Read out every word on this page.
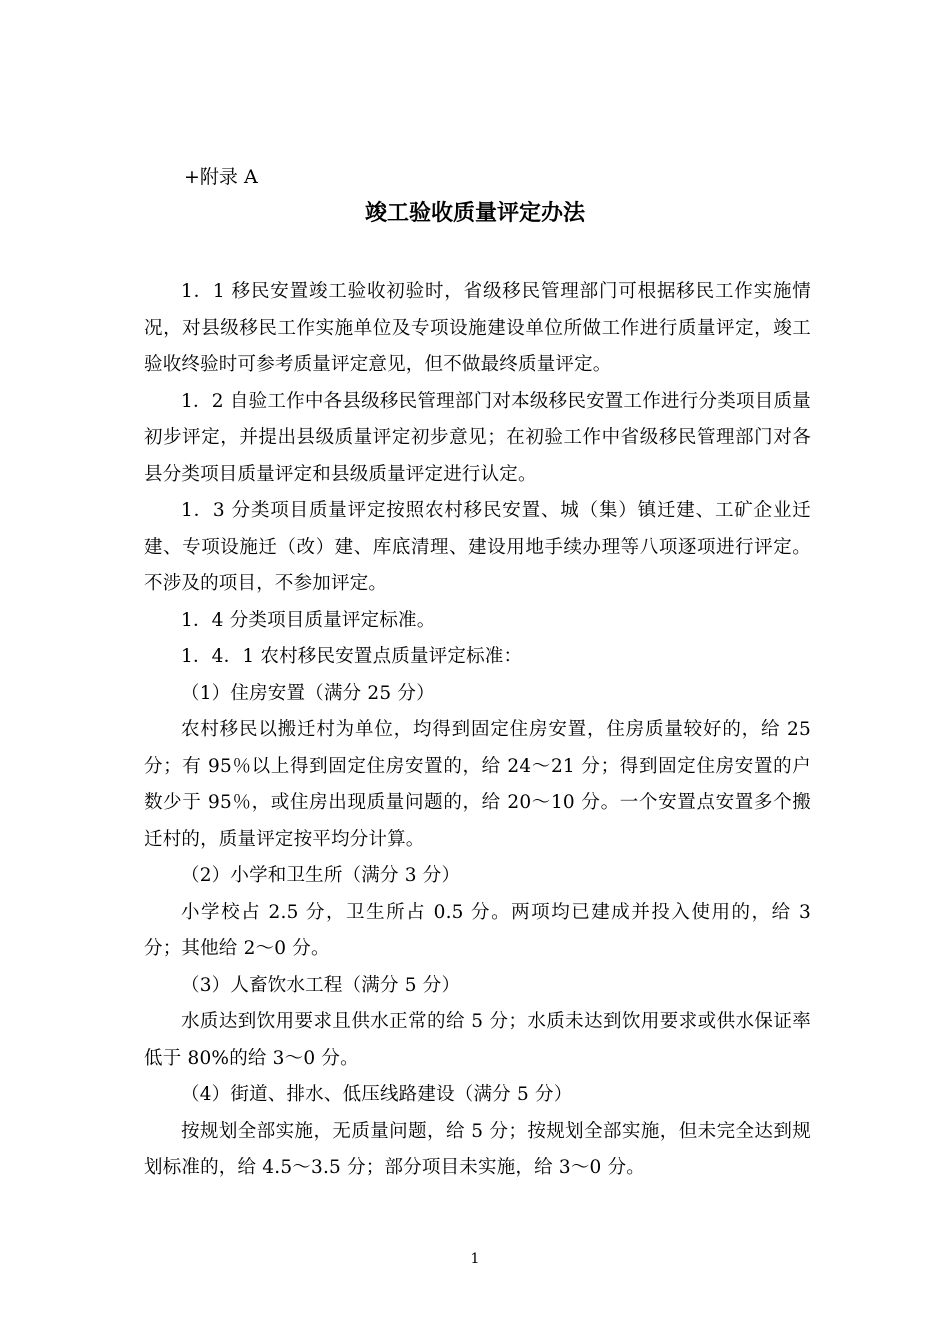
+附录 A
竣工验收质量评定办法

1．1 移民安置竣工验收初验时，省级移民管理部门可根据移民工作实施情况，对县级移民工作实施单位及专项设施建设单位所做工作进行质量评定，竣工验收终验时可参考质量评定意见，但不做最终质量评定。

1．2 自验工作中各县级移民管理部门对本级移民安置工作进行分类项目质量初步评定，并提出县级质量评定初步意见；在初验工作中省级移民管理部门对各县分类项目质量评定和县级质量评定进行认定。

1．3 分类项目质量评定按照农村移民安置、城（集）镇迁建、工矿企业迁建、专项设施迁（改）建、库底清理、建设用地手续办理等八项逐项进行评定。不涉及的项目，不参加评定。

1．4 分类项目质量评定标准。

1．4．1 农村移民安置点质量评定标准：

（1）住房安置（满分 25 分）

农村移民以搬迁村为单位，均得到固定住房安置，住房质量较好的，给 25 分；有 95％以上得到固定住房安置的，给 24～21 分；得到固定住房安置的户数少于 95％，或住房出现质量问题的，给 20～10 分。一个安置点安置多个搬迁村的，质量评定按平均分计算。

（2）小学和卫生所（满分 3 分）

小学校占 2.5 分，卫生所占 0.5 分。两项均已建成并投入使用的，给 3 分；其他给 2～0 分。

（3）人畜饮水工程（满分 5 分）

水质达到饮用要求且供水正常的给 5 分；水质未达到饮用要求或供水保证率低于 80%的给 3～0 分。

（4）街道、排水、低压线路建设（满分 5 分）

按规划全部实施，无质量问题，给 5 分；按规划全部实施，但未完全达到规划标准的，给 4.5～3.5 分；部分项目未实施，给 3～0 分。

1
